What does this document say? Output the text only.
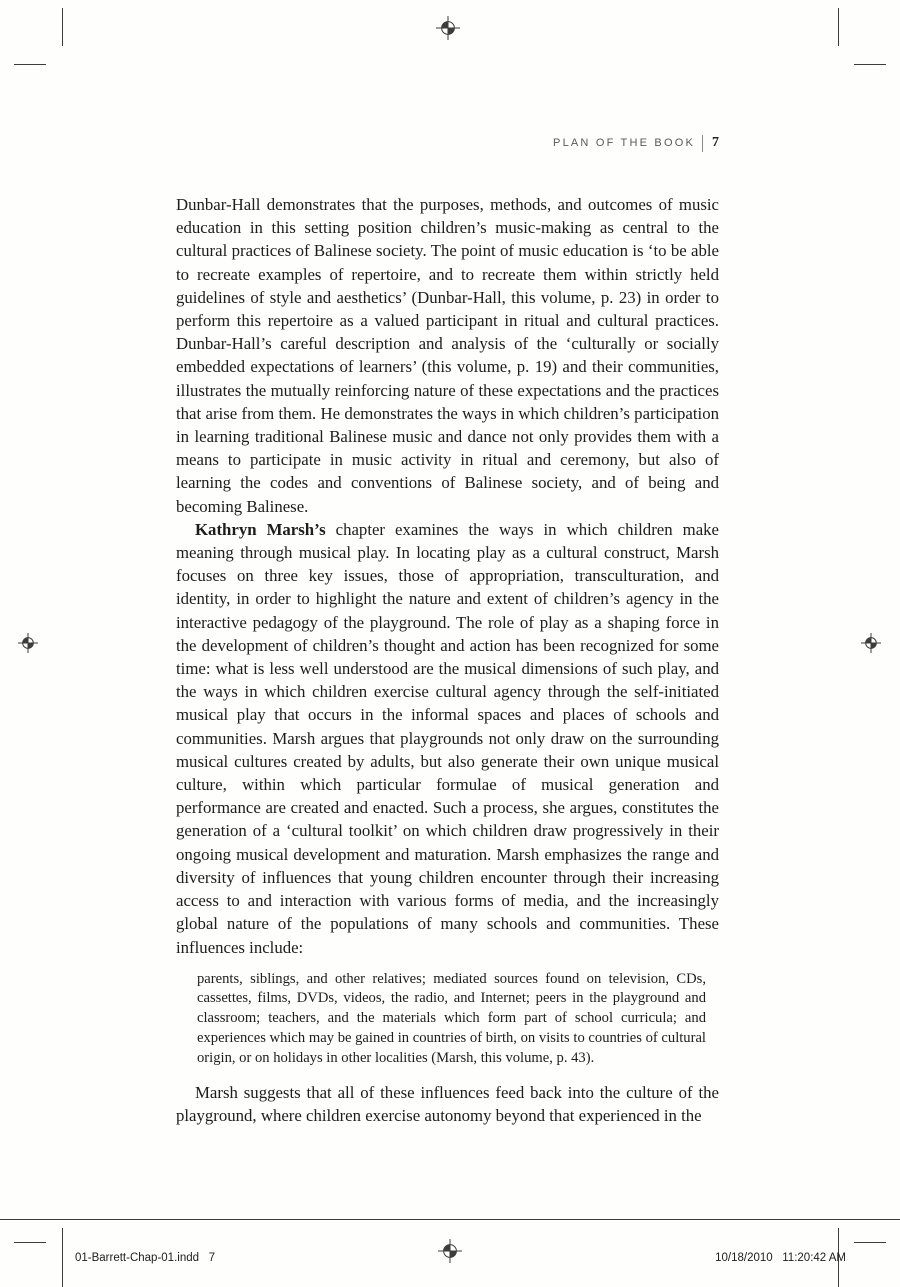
PLAN OF THE BOOK 7

Dunbar-Hall demonstrates that the purposes, methods, and outcomes of music education in this setting position children’s music-making as central to the cultural practices of Balinese society. The point of music education is ‘to be able to recreate examples of repertoire, and to recreate them within strictly held guidelines of style and aesthetics’ (Dunbar-Hall, this volume, p. 23) in order to perform this repertoire as a valued participant in ritual and cultural practices. Dunbar-Hall’s careful description and analysis of the ‘culturally or socially embedded expectations of learners’ (this volume, p. 19) and their communities, illustrates the mutually reinforcing nature of these expectations and the practices that arise from them. He demonstrates the ways in which children’s participation in learning traditional Balinese music and dance not only provides them with a means to participate in music activity in ritual and ceremony, but also of learning the codes and conventions of Balinese society, and of being and becoming Balinese.

Kathryn Marsh’s chapter examines the ways in which children make meaning through musical play. In locating play as a cultural construct, Marsh focuses on three key issues, those of appropriation, transculturation, and identity, in order to highlight the nature and extent of children’s agency in the interactive pedagogy of the playground. The role of play as a shaping force in the development of children’s thought and action has been recognized for some time: what is less well understood are the musical dimensions of such play, and the ways in which children exercise cultural agency through the self-initiated musical play that occurs in the informal spaces and places of schools and communities. Marsh argues that playgrounds not only draw on the surrounding musical cultures created by adults, but also generate their own unique musical culture, within which particular formulae of musical generation and performance are created and enacted. Such a process, she argues, constitutes the generation of a ‘cultural toolkit’ on which children draw progressively in their ongoing musical development and maturation. Marsh emphasizes the range and diversity of influences that young children encounter through their increasing access to and interaction with various forms of media, and the increasingly global nature of the populations of many schools and communities. These influences include:

parents, siblings, and other relatives; mediated sources found on television, CDs, cassettes, films, DVDs, videos, the radio, and Internet; peers in the playground and classroom; teachers, and the materials which form part of school curricula; and experiences which may be gained in countries of birth, on visits to countries of cultural origin, or on holidays in other localities (Marsh, this volume, p. 43).

Marsh suggests that all of these influences feed back into the culture of the playground, where children exercise autonomy beyond that experienced in the

01-Barrett-Chap-01.indd   7	10/18/2010   11:20:42 AM
